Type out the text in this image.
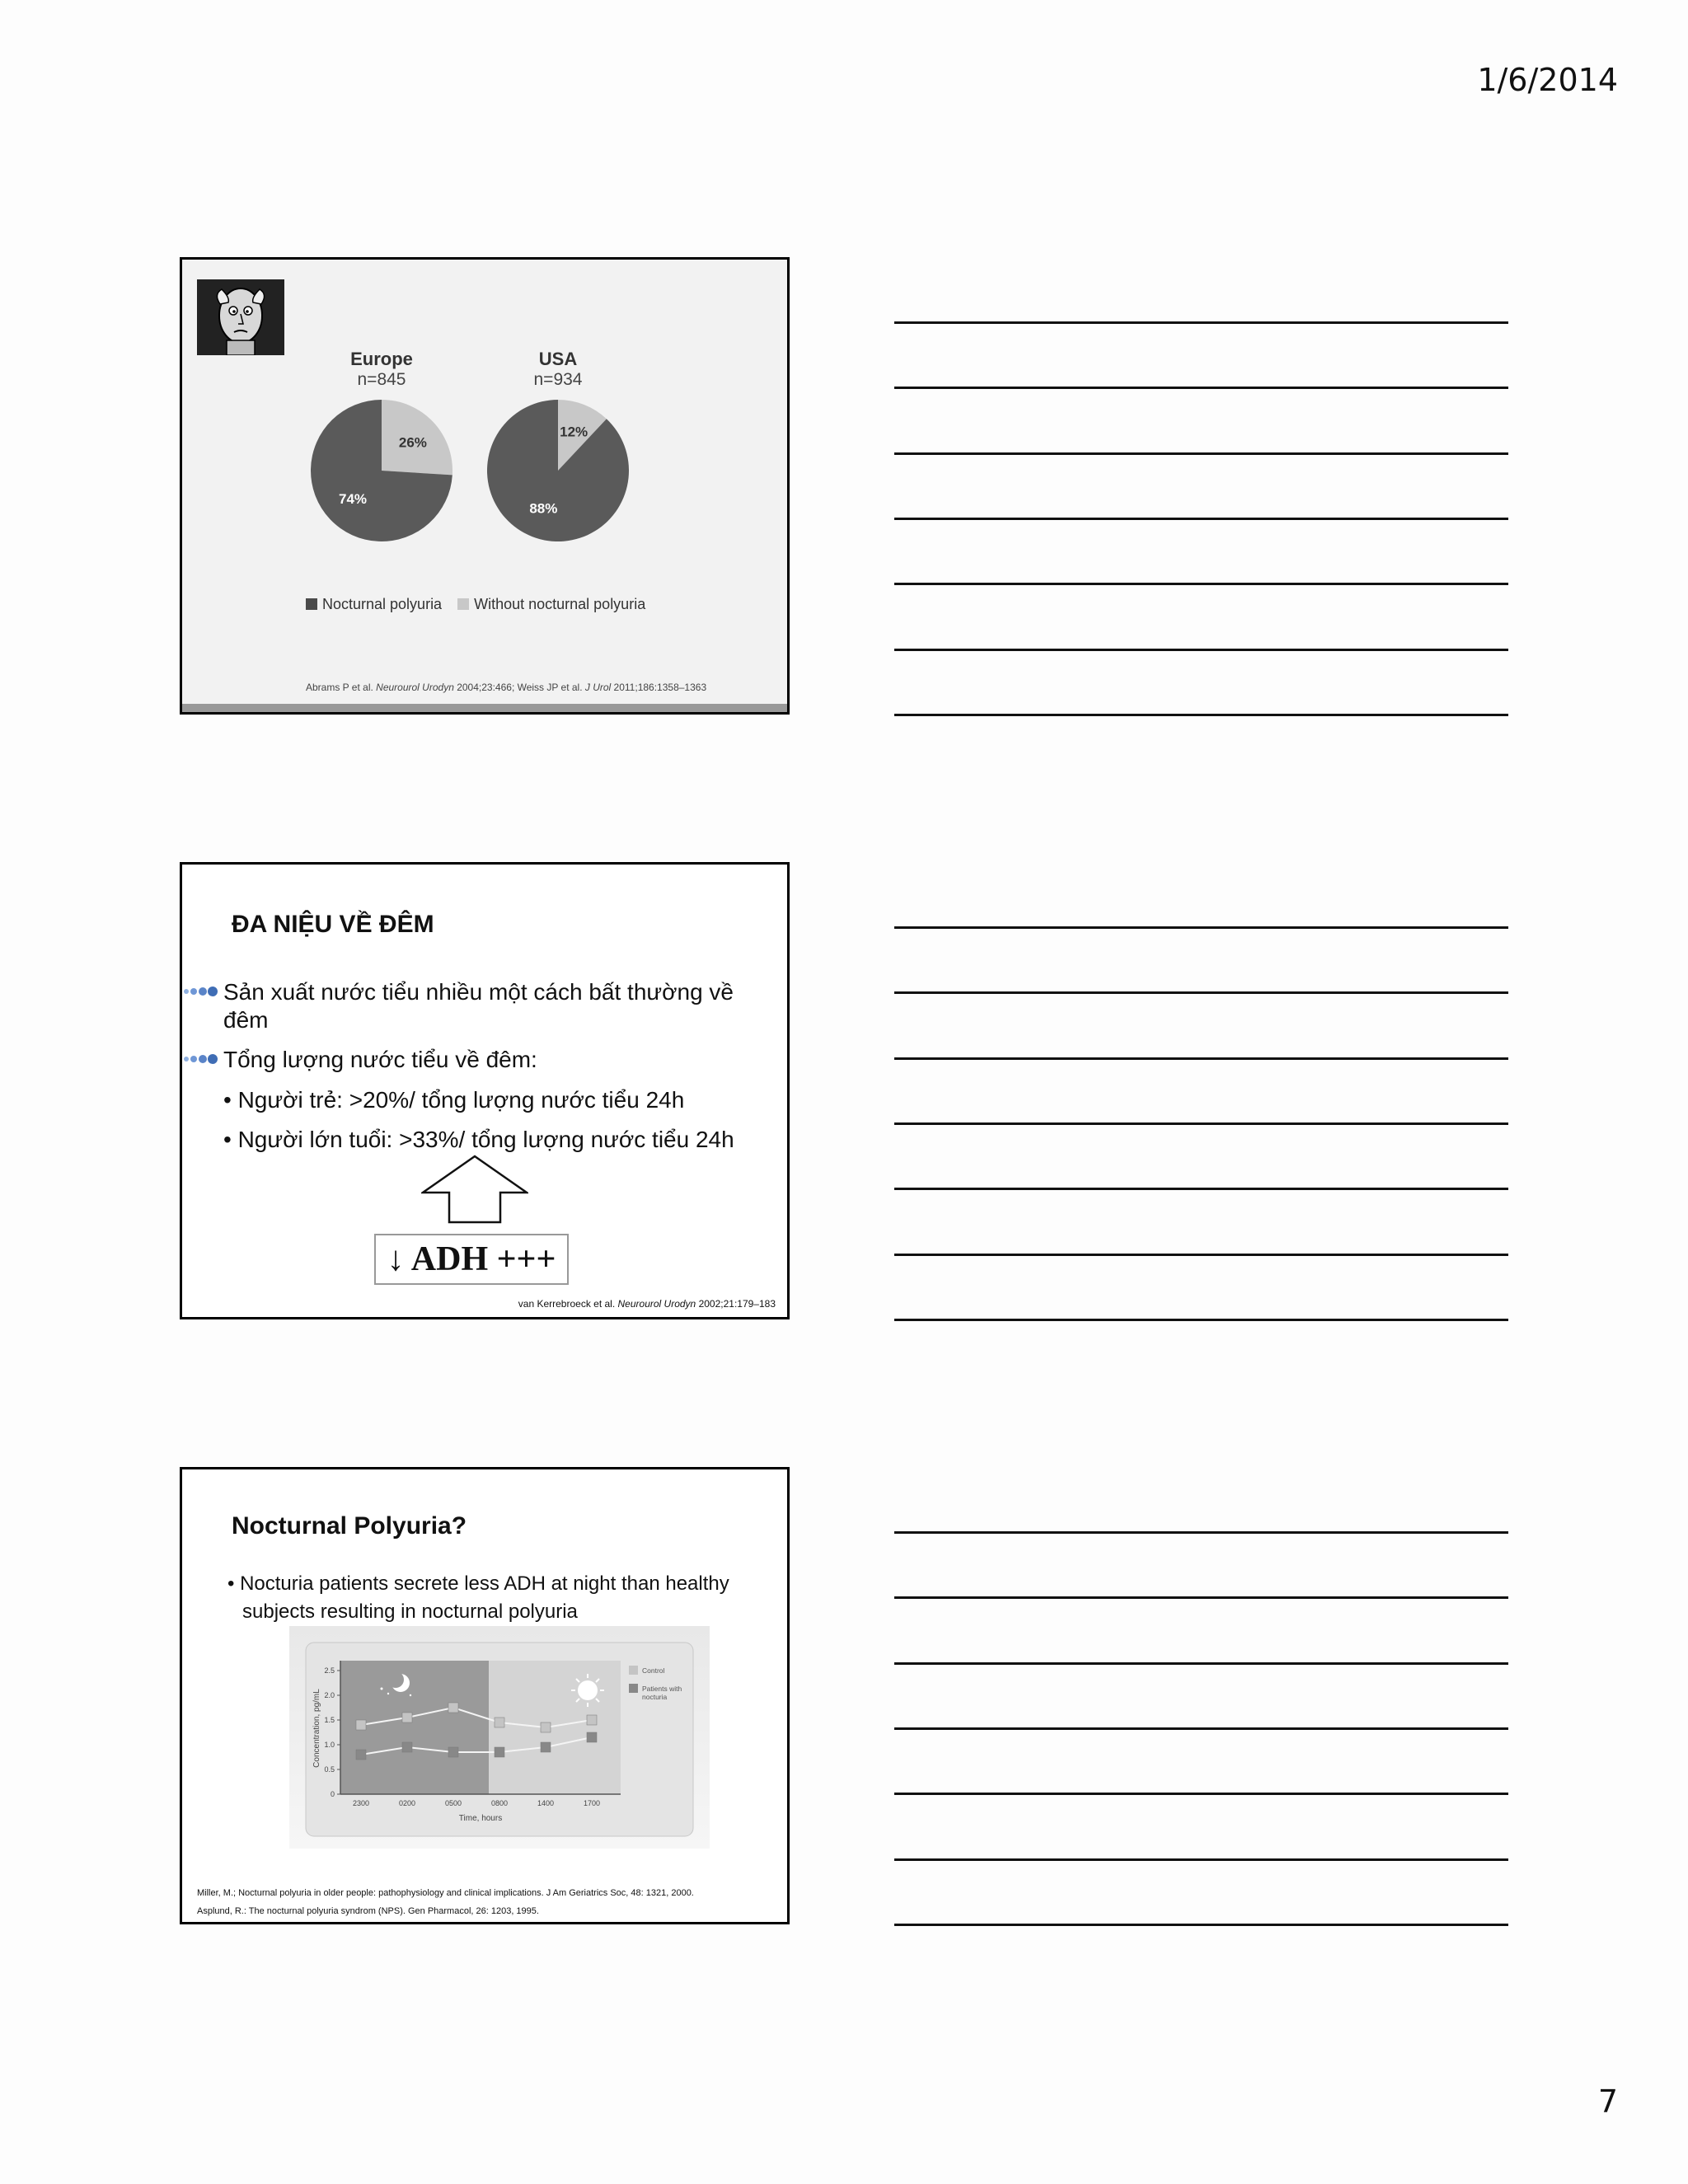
1/6/2014
Europe
n=845
26%
74%
USA
n=934
12%
88%
Nocturnal polyuria Without nocturnal polyuria
Abrams P et al. Neurourol Urodyn 2004;23:466; Weiss JP et al. J Urol 2011;186:1358–1363
ĐA NIỆU VỀ ĐÊM
Sản xuất nước tiểu nhiều một cách bất thường về đêm
Tổng lượng nước tiểu về đêm:
• Người trẻ: >20%/ tổng lượng nước tiểu 24h
• Người lớn tuổi: >33%/ tổng lượng nước tiểu 24h
↓ ADH +++
van Kerrebroeck et al. Neurourol Urodyn 2002;21:179–183
Nocturnal Polyuria?
• Nocturia patients secrete less ADH at night than healthy
subjects resulting in nocturnal polyuria
0
0.5
1.0
1.5
2.0
2.5
2300	0200	0500	0800	1400	1700
Concentration, pg/mL
Time, hours
Control
Patients with
nocturia
Miller, M.; Nocturnal polyuria in older people: pathophysiology and clinical implications. J Am Geriatrics Soc, 48: 1321, 2000.
Asplund, R.: The nocturnal polyuria syndrom (NPS). Gen Pharmacol, 26: 1203, 1995.
7
